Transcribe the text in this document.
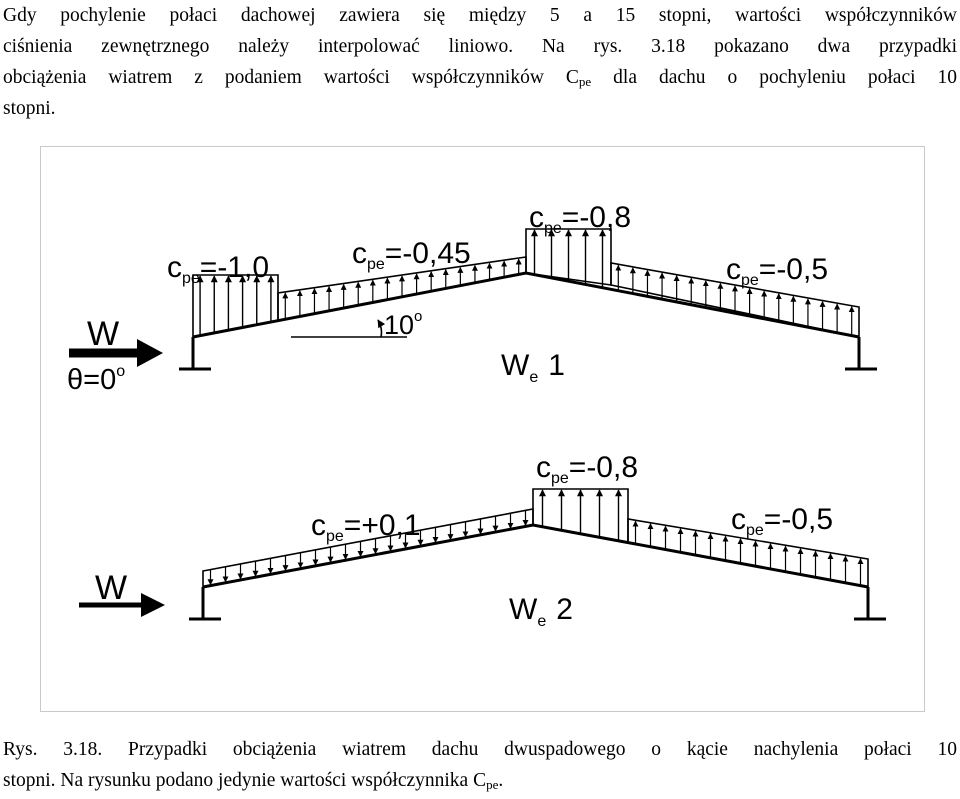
Gdy pochylenie połaci dachowej zawiera się między 5 a 15 stopni, wartości współczynników
ciśnienia zewnętrznego należy interpolować liniowo. Na rys. 3.18 pokazano dwa przypadki
obciążenia wiatrem z podaniem wartości współczynników $C_{pe}$ dla dachu o pochyleniu połaci 10
stopni.
$c_{pe}=-1,0$	$c_{pe}=-0,45$
$c_{pe}=-0,8$
$c_{pe}=-0,5$
10$^o$
W
$\theta=0^o$	$W_e$ 1
$c_{pe}=+0,1$
$c_{pe}=-0,8$
$c_{pe}=-0,5$
W
$W_e$ 2
Rys. 3.18. Przypadki obciążenia wiatrem dachu dwuspadowego o kącie nachylenia połaci 10
stopni. Na rysunku podano jedynie wartości współczynnika $C_{pe}$.
